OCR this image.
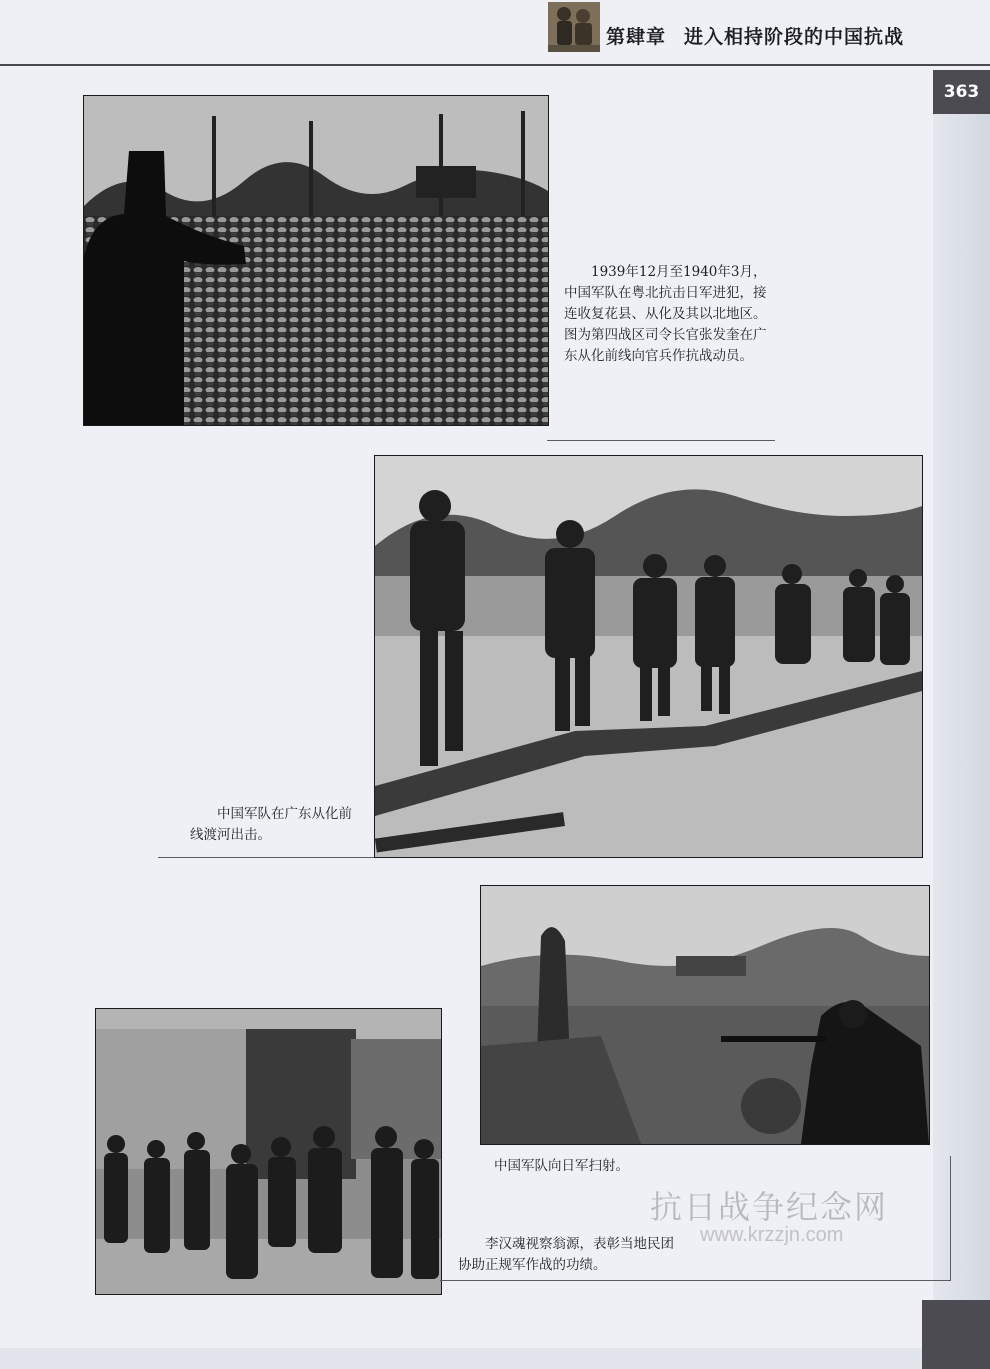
第肆章 进入相持阶段的中国抗战
363
1939年12月至1940年3月，中国军队在粤北抗击日军进犯，接连收复花县、从化及其以北地区。图为第四战区司令长官张发奎在广东从化前线向官兵作抗战动员。
中国军队在广东从化前线渡河出击。
中国军队向日军扫射。
李汉魂视察翁源，表彰当地民团协助正规军作战的功绩。
抗日战争纪念网
www.krzzjn.com
